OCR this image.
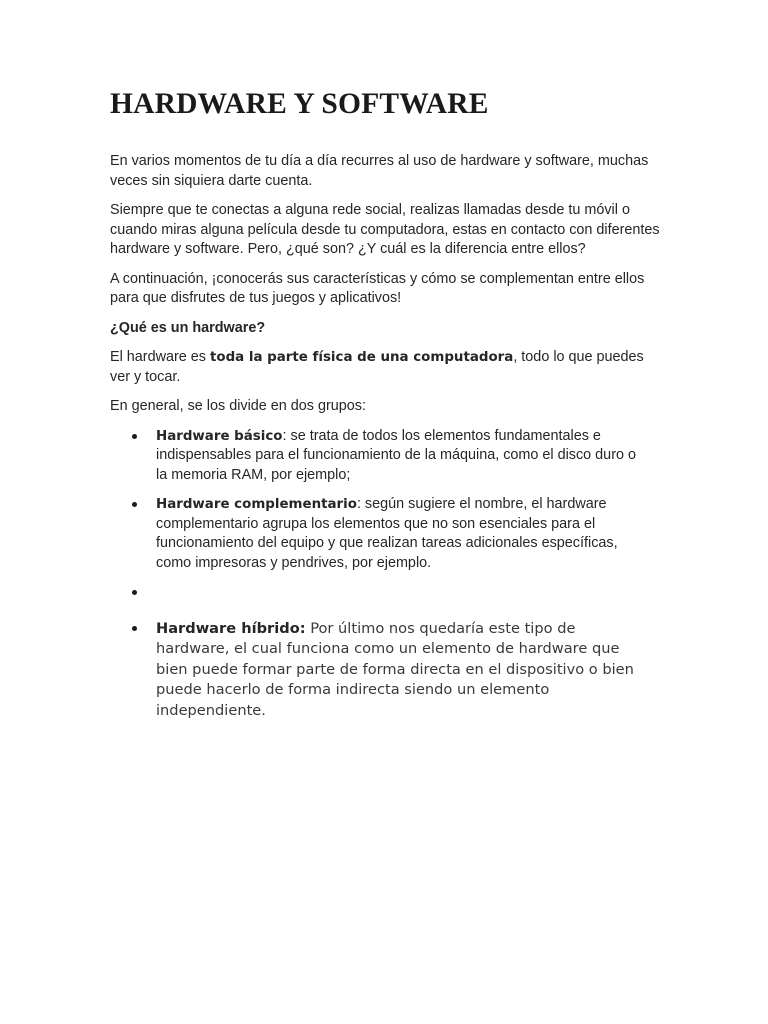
HARDWARE Y SOFTWARE

En varios momentos de tu día a día recurres al uso de hardware y software, muchas veces sin siquiera darte cuenta.

Siempre que te conectas a alguna rede social, realizas llamadas desde tu móvil o cuando miras alguna película desde tu computadora, estas en contacto con diferentes hardware y software. Pero, ¿qué son? ¿Y cuál es la diferencia entre ellos?

A continuación, ¡conocerás sus características y cómo se complementan entre ellos para que disfrutes de tus juegos y aplicativos!

¿Qué es un hardware?

El hardware es toda la parte física de una computadora, todo lo que puedes ver y tocar.

En general, se los divide en dos grupos:

Hardware básico: se trata de todos los elementos fundamentales e indispensables para el funcionamiento de la máquina, como el disco duro o la memoria RAM, por ejemplo;
Hardware complementario: según sugiere el nombre, el hardware complementario agrupa los elementos que no son esenciales para el funcionamiento del equipo y que realizan tareas adicionales específicas, como impresoras y pendrives, por ejemplo.
Hardware híbrido: Por último nos quedaría este tipo de hardware, el cual funciona como un elemento de hardware que bien puede formar parte de forma directa en el dispositivo o bien puede hacerlo de forma indirecta siendo un elemento independiente.
